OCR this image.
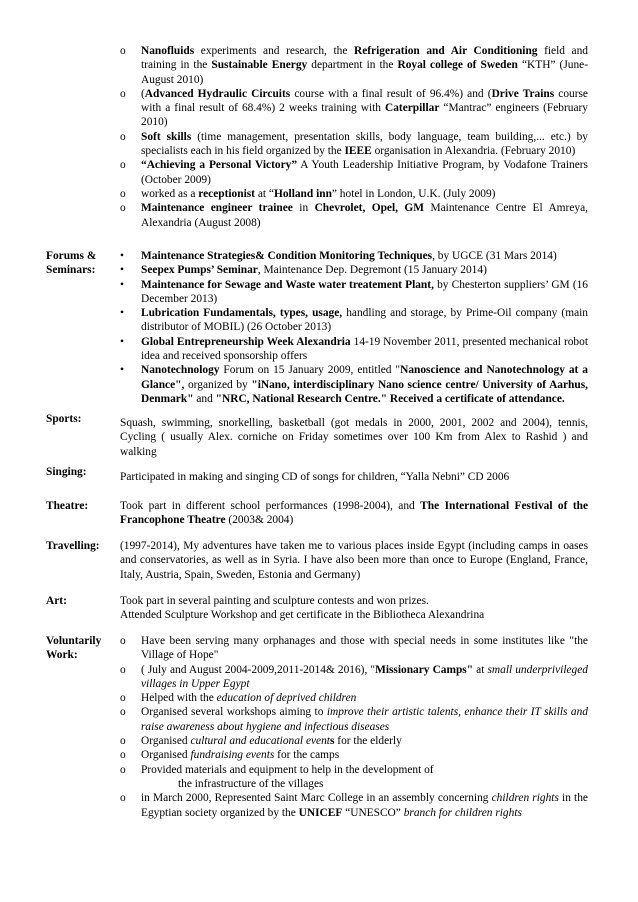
o Nanofluids experiments and research, the Refrigeration and Air Conditioning field and training in the Sustainable Energy department in the Royal college of Sweden “KTH” (June-August 2010)
o (Advanced Hydraulic Circuits course with a final result of 96.4%) and (Drive Trains course with a final result of 68.4%) 2 weeks training with Caterpillar “Mantrac” engineers (February 2010)
o Soft skills (time management, presentation skills, body language, team building,... etc.) by specialists each in his field organized by the IEEE organisation in Alexandria. (February 2010)
o “Achieving a Personal Victory” A Youth Leadership Initiative Program, by Vodafone Trainers (October 2009)
o worked as a receptionist at “Holland inn” hotel in London, U.K. (July 2009)
o Maintenance engineer trainee in Chevrolet, Opel, GM Maintenance Centre El Amreya, Alexandria (August 2008)
Forums & Seminars:
• Maintenance Strategies& Condition Monitoring Techniques, by UGCE (31 Mars 2014)
• Seepex Pumps’ Seminar, Maintenance Dep. Degremont (15 January 2014)
• Maintenance for Sewage and Waste water treatement Plant, by Chesterton suppliers’ GM (16 December 2013)
• Lubrication Fundamentals, types, usage, handling and storage, by Prime-Oil company (main distributor of MOBIL) (26 October 2013)
• Global Entrepreneurship Week Alexandria 14-19 November 2011, presented mechanical robot idea and received sponsorship offers
• Nanotechnology Forum on 15 January 2009, entitled "Nanoscience and Nanotechnology at a Glance", organized by "iNano, interdisciplinary Nano science centre/ University of Aarhus, Denmark" and "NRC, National Research Centre." Received a certificate of attendance.
Sports:	Squash, swimming, snorkelling, basketball (got medals in 2000, 2001, 2002 and 2004), tennis, Cycling ( usually Alex. corniche on Friday sometimes over 100 Km from Alex to Rashid ) and walking
Singing:	Participated in making and singing CD of songs for children, “Yalla Nebni” CD 2006
Theatre:	Took part in different school performances (1998-2004), and The International Festival of the Francophone Theatre (2003& 2004)
Travelling:	(1997-2014), My adventures have taken me to various places inside Egypt (including camps in oases and conservatories, as well as in Syria. I have also been more than once to Europe (England, France, Italy, Austria, Spain, Sweden, Estonia and Germany)
Art:	Took part in several painting and sculpture contests and won prizes.
Attended Sculpture Workshop and get certificate in the Bibliotheca Alexandrina
Voluntarily Work:
o Have been serving many orphanages and those with special needs in some institutes like "the Village of Hope"
o ( July and August 2004-2009,2011-2014& 2016), "Missionary Camps" at small underprivileged villages in Upper Egypt
o Helped with the education of deprived children
o Organised several workshops aiming to improve their artistic talents, enhance their IT skills and raise awareness about hygiene and infectious diseases
o Organised cultural and educational events for the elderly
o Organised fundraising events for the camps
o Provided materials and equipment to help in the development of
the infrastructure of the villages
o in March 2000, Represented Saint Marc College in an assembly concerning children rights in the Egyptian society organized by the UNICEF “UNESCO” branch for children rights
